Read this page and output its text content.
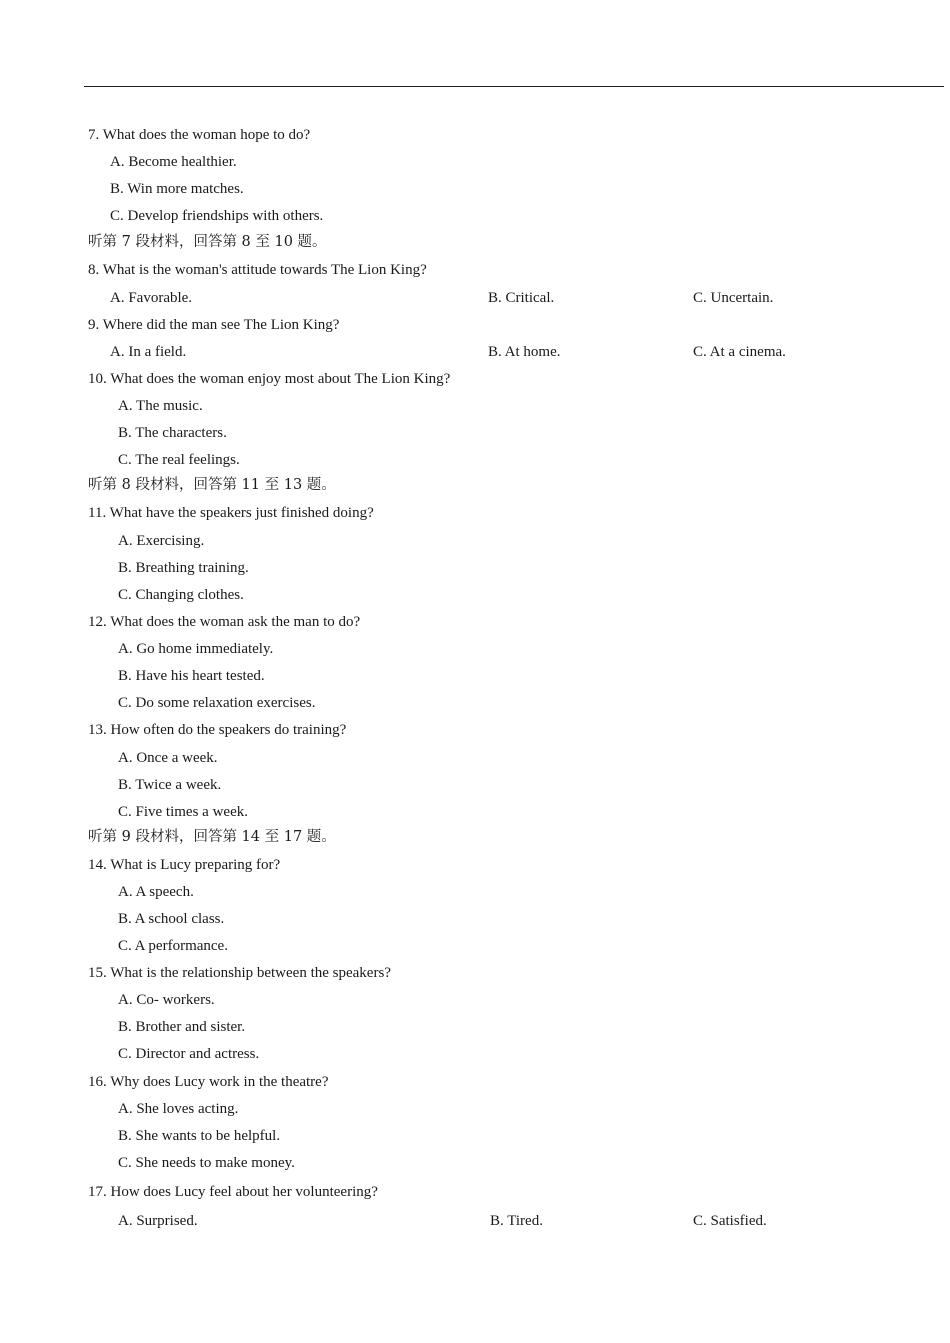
7. What does the woman hope to do?
A. Become healthier.
B. Win more matches.
C. Develop friendships with others.
听第 7 段材料，回答第 8 至 10 题。
8. What is the woman's attitude towards The Lion King?
A. Favorable.	B. Critical.	C. Uncertain.
9. Where did the man see The Lion King?
A. In a field.	B. At home.	C. At a cinema.
10. What does the woman enjoy most about The Lion King?
A. The music.
B. The characters.
C. The real feelings.
听第 8 段材料，回答第 11 至 13 题。
11. What have the speakers just finished doing?
A. Exercising.
B. Breathing training.
C. Changing clothes.
12. What does the woman ask the man to do?
A. Go home immediately.
B. Have his heart tested.
C. Do some relaxation exercises.
13. How often do the speakers do training?
A. Once a week.
B. Twice a week.
C. Five times a week.
听第 9 段材料，回答第 14 至 17 题。
14. What is Lucy preparing for?
A. A speech.
B. A school class.
C. A performance.
15. What is the relationship between the speakers?
A. Co- workers.
B. Brother and sister.
C. Director and actress.
16. Why does Lucy work in the theatre?
A. She loves acting.
B. She wants to be helpful.
C. She needs to make money.
17. How does Lucy feel about her volunteering?
A. Surprised.	B. Tired.	C. Satisfied.
